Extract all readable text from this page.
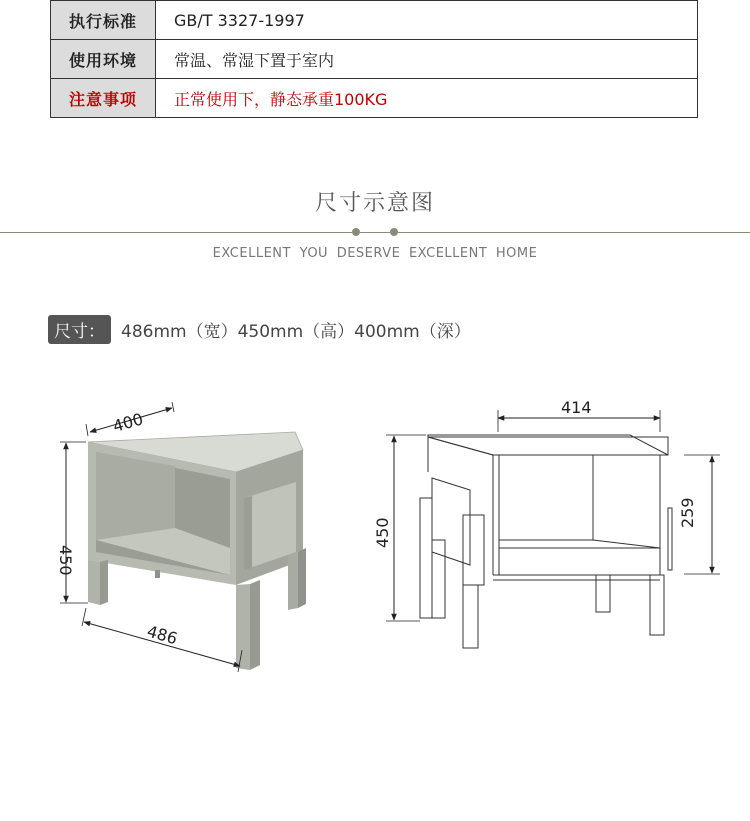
执行标准	GB/T 3327-1997
使用环境	常温、常湿下置于室内
注意事项	正常使用下，静态承重100KG
尺寸示意图
EXCELLENT YOU DESERVE EXCELLENT HOME
尺寸： 486mm（宽）450mm（高）400mm（深）
400
450
486
414
450
259
